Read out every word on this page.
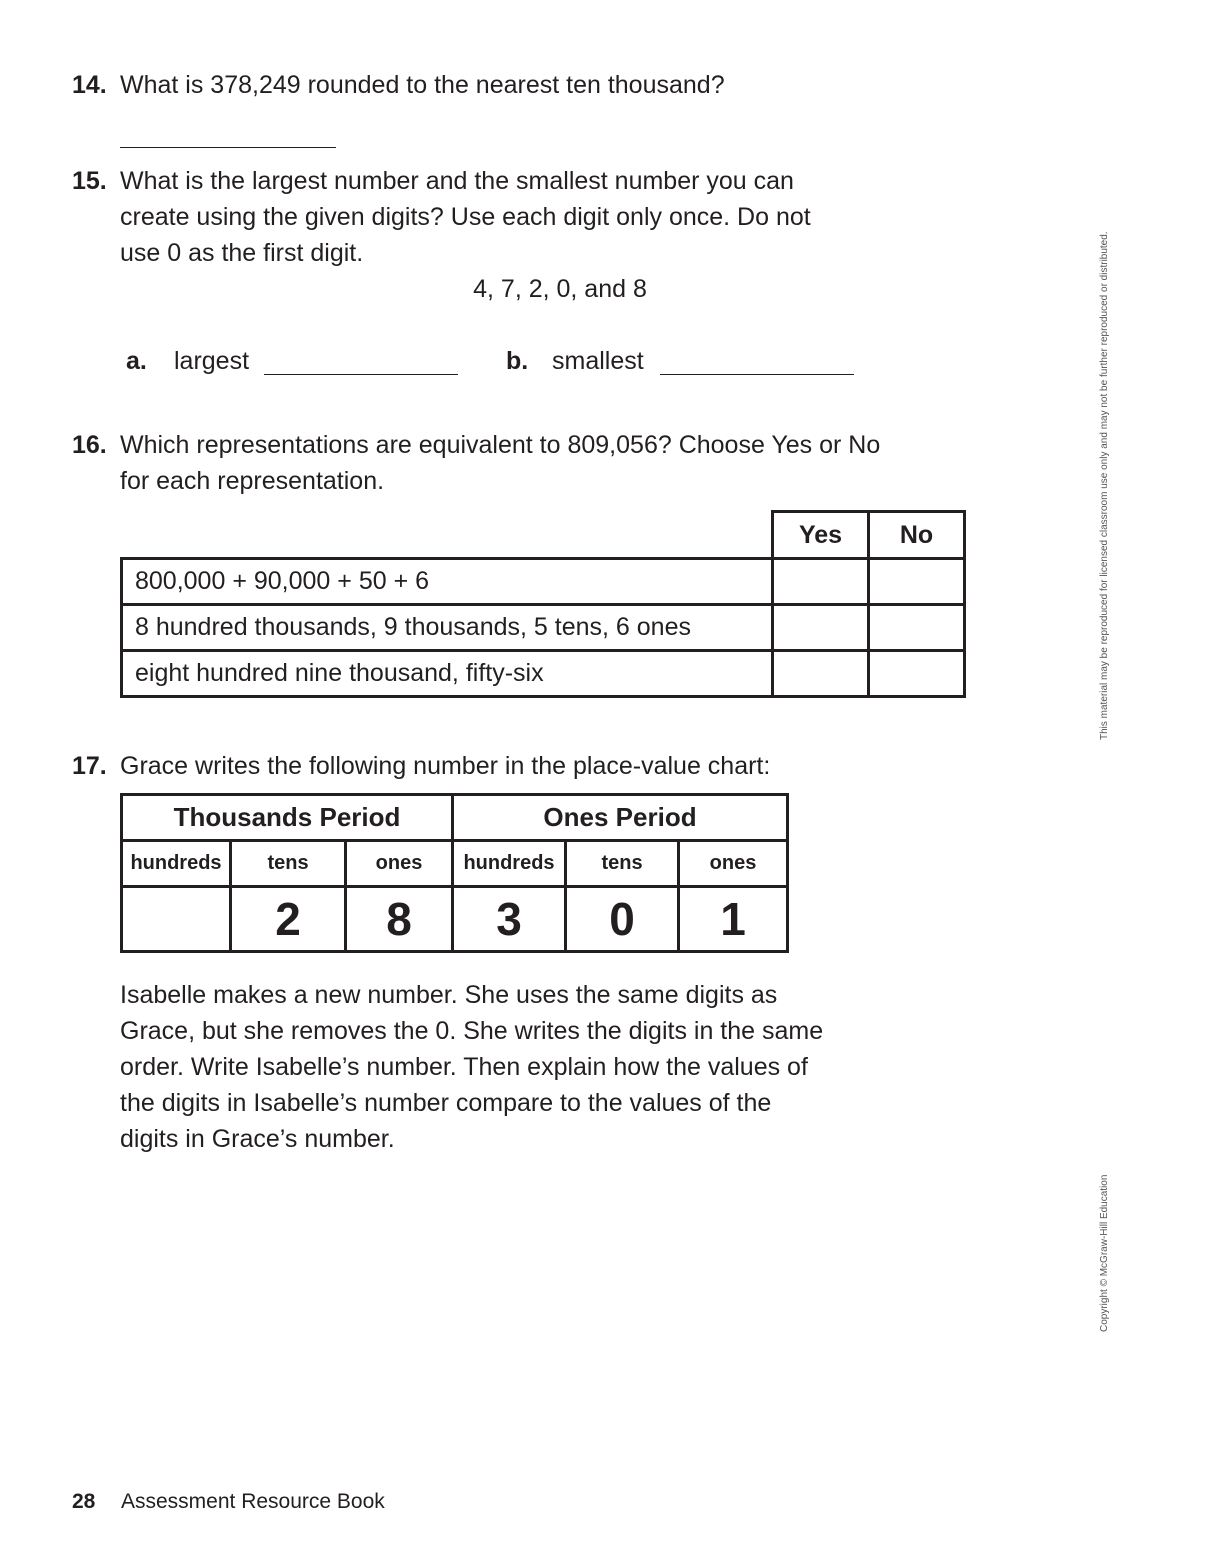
14. What is 378,249 rounded to the nearest ten thousand?
15. What is the largest number and the smallest number you can
create using the given digits? Use each digit only once. Do not
use 0 as the first digit.
4, 7, 2, 0, and 8
a. largest	b. smallest
16. Which representations are equivalent to 809,056? Choose Yes or No
for each representation.
	Yes	No
800,000 + 90,000 + 50 + 6		
8 hundred thousands, 9 thousands, 5 tens, 6 ones		
eight hundred nine thousand, fifty-six		
17. Grace writes the following number in the place-value chart:
Thousands Period			Ones Period		
hundreds	tens	ones	hundreds	tens	ones
	2	8	3	0	1
Isabelle makes a new number. She uses the same digits as
Grace, but she removes the 0. She writes the digits in the same
order. Write Isabelle’s number. Then explain how the values of
the digits in Isabelle’s number compare to the values of the
digits in Grace’s number.
This material may be reproduced for licensed classroom use only and may not be further reproduced or distributed.
Copyright © McGraw-Hill Education
28 Assessment Resource Book
